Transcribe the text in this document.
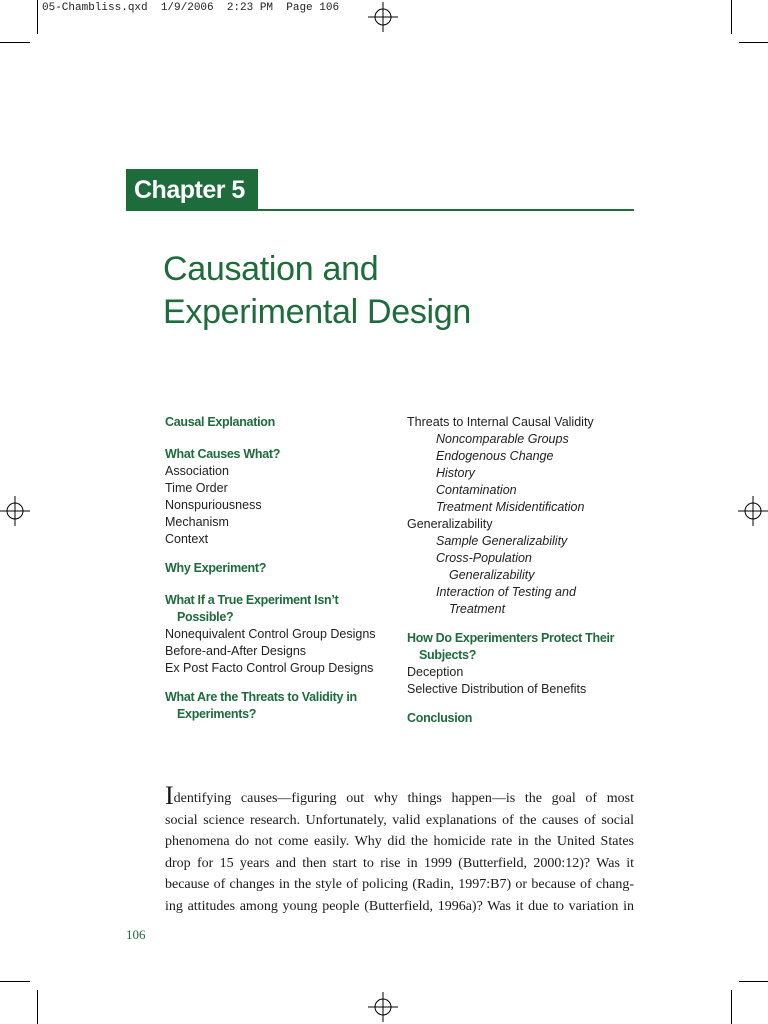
05-Chambliss.qxd  1/9/2006  2:23 PM  Page 106
Chapter 5
Causation and
Experimental Design
Causal Explanation
What Causes What?
Association
Time Order
Nonspuriousness
Mechanism
Context
Why Experiment?
What If a True Experiment Isn’t
Possible?
Nonequivalent Control Group Designs
Before-and-After Designs
Ex Post Facto Control Group Designs
What Are the Threats to Validity in
Experiments?
Threats to Internal Causal Validity
Noncomparable Groups
Endogenous Change
History
Contamination
Treatment Misidentification
Generalizability
Sample Generalizability
Cross-Population
Generalizability
Interaction of Testing and
Treatment
How Do Experimenters Protect Their
Subjects?
Deception
Selective Distribution of Benefits
Conclusion
Identifying causes—figuring out why things happen—is the goal of most
social science research. Unfortunately, valid explanations of the causes of social
phenomena do not come easily. Why did the homicide rate in the United States
drop for 15 years and then start to rise in 1999 (Butterfield, 2000:12)? Was it
because of changes in the style of policing (Radin, 1997:B7) or because of chang-
ing attitudes among young people (Butterfield, 1996a)? Was it due to variation in
106
